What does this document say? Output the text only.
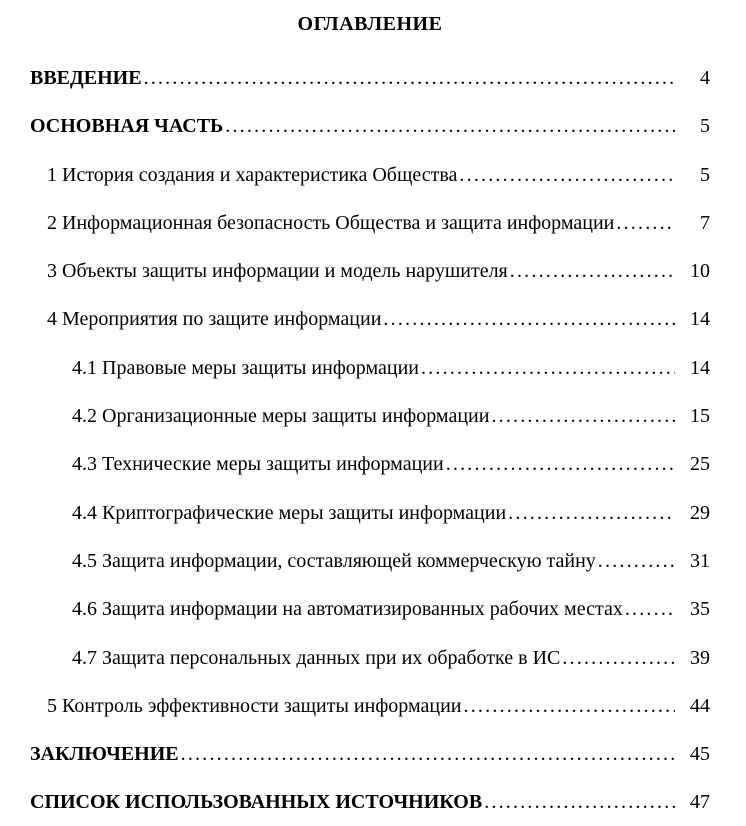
ОГЛАВЛЕНИЕ
ВВЕДЕНИЕ .....	4
ОСНОВНАЯ ЧАСТЬ .....	5
1 История создания и характеристика Общества .....	5
2 Информационная безопасность Общества и защита информации .....	7
3 Объекты защиты информации и модель нарушителя .....	10
4 Мероприятия по защите информации .....	14
4.1 Правовые меры защиты информации .....	14
4.2 Организационные меры защиты информации .....	15
4.3 Технические меры защиты информации .....	25
4.4 Криптографические меры защиты информации .....	29
4.5 Защита информации, составляющей коммерческую тайну .....	31
4.6 Защита информации на автоматизированных рабочих местах .....	35
4.7 Защита персональных данных при их обработке в ИС .....	39
5 Контроль эффективности защиты информации .....	44
ЗАКЛЮЧЕНИЕ .....	45
СПИСОК ИСПОЛЬЗОВАННЫХ ИСТОЧНИКОВ .....	47
